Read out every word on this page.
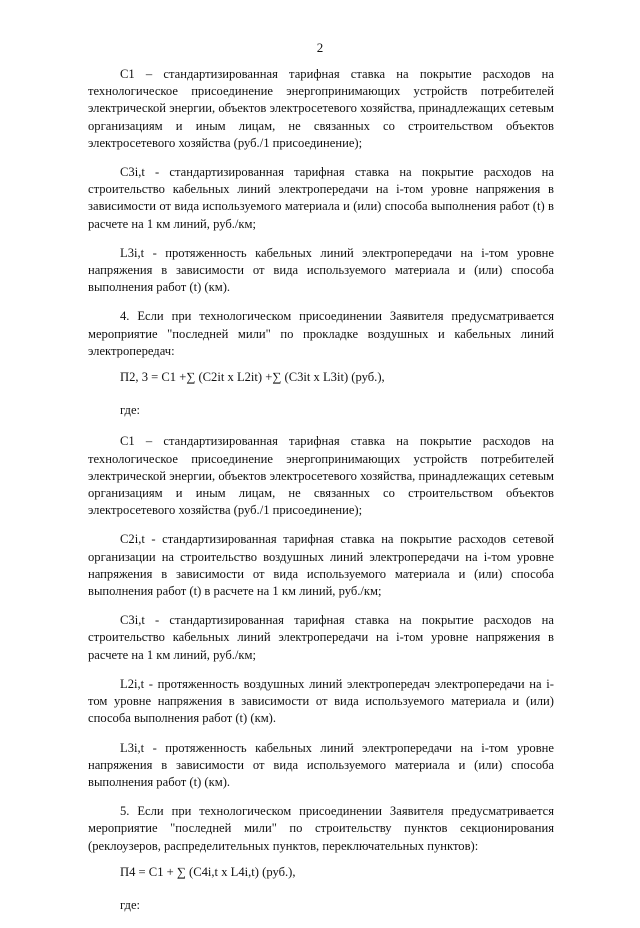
2

С1 – стандартизированная тарифная ставка на покрытие расходов на технологическое присоединение энергопринимающих устройств потребителей электрической энергии, объектов электросетевого хозяйства, принадлежащих сетевым организациям и иным лицам, не связанных со строительством объектов электросетевого хозяйства (руб./1 присоединение);

С3i,t - стандартизированная тарифная ставка на покрытие расходов на строительство кабельных линий электропередачи на i-том уровне напряжения в зависимости от вида используемого материала и (или) способа выполнения работ (t) в расчете на 1 км линий, руб./км;

L3i,t - протяженность кабельных линий электропередачи на i-том уровне напряжения в зависимости от вида используемого материала и (или) способа выполнения работ (t) (км).

4. Если при технологическом присоединении Заявителя предусматривается мероприятие "последней мили" по прокладке воздушных и кабельных линий электропередач:

П2, 3 = С1 +∑ (С2it x L2it) +∑ (С3it x L3it) (руб.),

где:

С1 – стандартизированная тарифная ставка на покрытие расходов на технологическое присоединение энергопринимающих устройств потребителей электрической энергии, объектов электросетевого хозяйства, принадлежащих сетевым организациям и иным лицам, не связанных со строительством объектов электросетевого хозяйства (руб./1 присоединение);

С2i,t - стандартизированная тарифная ставка на покрытие расходов сетевой организации на строительство воздушных линий электропередачи на i-том уровне напряжения в зависимости от вида используемого материала и (или) способа выполнения работ (t) в расчете на 1 км линий, руб./км;

С3i,t - стандартизированная тарифная ставка на покрытие расходов на строительство кабельных линий электропередачи на i-том уровне напряжения в расчете на 1 км линий, руб./км;

L2i,t - протяженность воздушных линий электропередач электропередачи на i-том уровне напряжения в зависимости от вида используемого материала и (или) способа выполнения работ (t) (км).

L3i,t - протяженность кабельных линий электропередачи на i-том уровне напряжения в зависимости от вида используемого материала и (или) способа выполнения работ (t) (км).

5. Если при технологическом присоединении Заявителя предусматривается мероприятие "последней мили" по строительству пунктов секционирования (реклоузеров, распределительных пунктов, переключательных пунктов):

П4 = С1 + ∑ (С4i,t x L4i,t) (руб.),

где:
